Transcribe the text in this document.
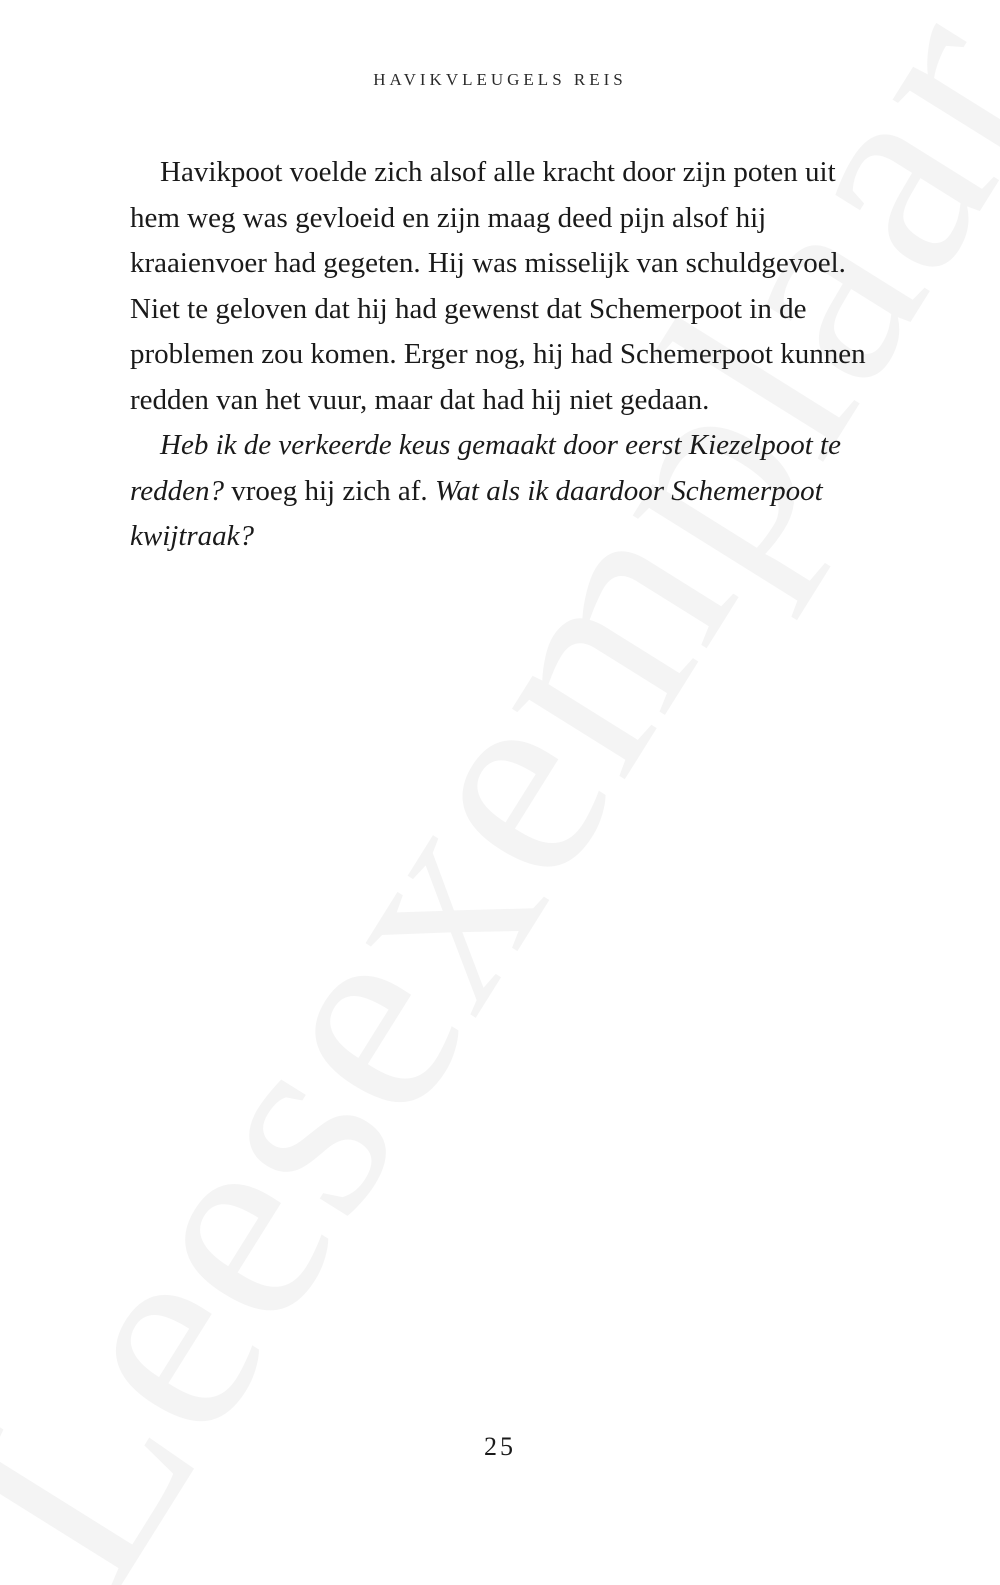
HAVIKVLEUGELS REIS

Havikpoot voelde zich alsof alle kracht door zijn poten uit hem weg was gevloeid en zijn maag deed pijn alsof hij kraaienvoer had gegeten. Hij was misselijk van schuldgevoel. Niet te geloven dat hij had gewenst dat Schemerpoot in de problemen zou komen. Erger nog, hij had Schemerpoot kunnen redden van het vuur, maar dat had hij niet gedaan.

Heb ik de verkeerde keus gemaakt door eerst Kiezelpoot te redden? vroeg hij zich af. Wat als ik daardoor Schemerpoot kwijtraak?

25
